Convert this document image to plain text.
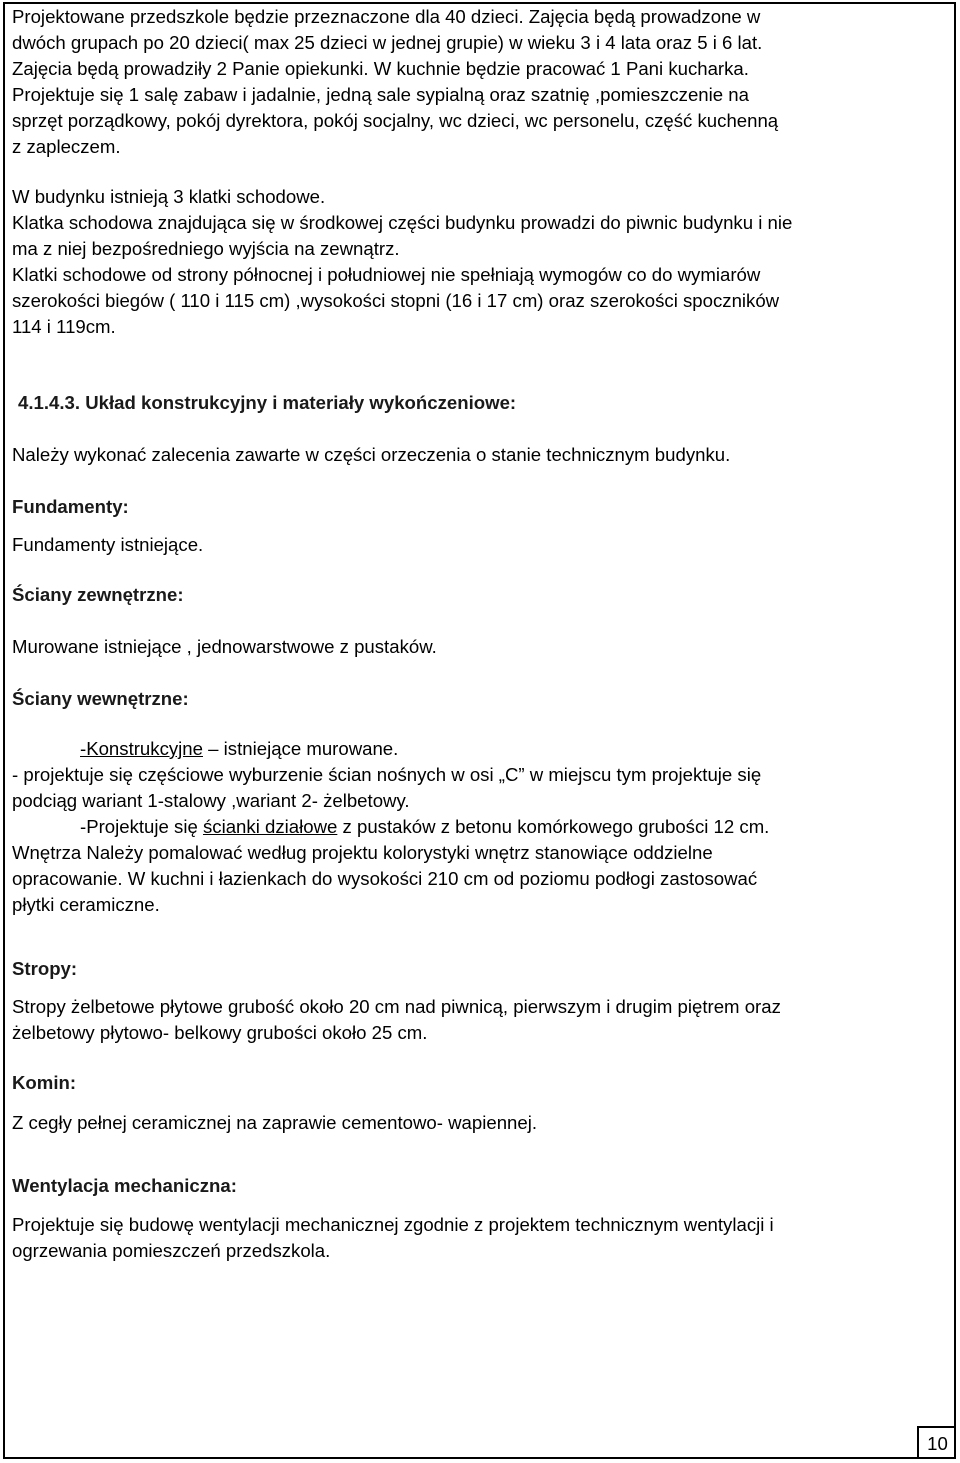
Projektowane przedszkole będzie przeznaczone dla 40 dzieci. Zajęcia będą prowadzone w

dwóch grupach po 20 dzieci( max 25 dzieci w jednej grupie) w wieku 3 i 4 lata oraz 5 i 6 lat.

Zajęcia będą prowadziły 2 Panie opiekunki. W kuchnie będzie pracować 1 Pani kucharka.

Projektuje się 1 salę zabaw i jadalnie, jedną sale sypialną oraz szatnię ,pomieszczenie na

sprzęt porządkowy, pokój dyrektora, pokój socjalny, wc dzieci, wc personelu, część kuchenną

z zapleczem.

W budynku istnieją 3 klatki schodowe.

Klatka schodowa znajdująca się w środkowej części budynku prowadzi do piwnic budynku i nie

ma z niej bezpośredniego wyjścia na zewnątrz.

Klatki schodowe od strony północnej i południowej nie spełniają wymogów co do wymiarów

szerokości biegów ( 110 i 115 cm) ,wysokości stopni (16 i 17 cm) oraz szerokości spoczników

114 i 119cm.

4.1.4.3. Układ konstrukcyjny i materiały wykończeniowe:

Należy wykonać zalecenia zawarte w części orzeczenia o stanie technicznym budynku.

Fundamenty:

Fundamenty istniejące.

Ściany zewnętrzne:

Murowane istniejące , jednowarstwowe z pustaków.

Ściany wewnętrzne:

-Konstrukcyjne – istniejące murowane.

- projektuje się częściowe wyburzenie ścian nośnych w osi „C” w miejscu tym projektuje się

podciąg wariant 1-stalowy ,wariant 2- żelbetowy.

-Projektuje się ścianki działowe z pustaków z betonu komórkowego grubości 12 cm.

Wnętrza Należy pomalować według projektu kolorystyki wnętrz stanowiące oddzielne

opracowanie. W kuchni i łazienkach do wysokości 210 cm od poziomu podłogi zastosować

płytki ceramiczne.

Stropy:

Stropy żelbetowe płytowe grubość około 20 cm nad piwnicą, pierwszym i drugim piętrem oraz

żelbetowy płytowo- belkowy grubości około 25 cm.

Komin:

Z cegły pełnej ceramicznej na zaprawie cementowo- wapiennej.

Wentylacja mechaniczna:

Projektuje się budowę wentylacji mechanicznej zgodnie z projektem technicznym wentylacji i

ogrzewania pomieszczeń przedszkola.

10
